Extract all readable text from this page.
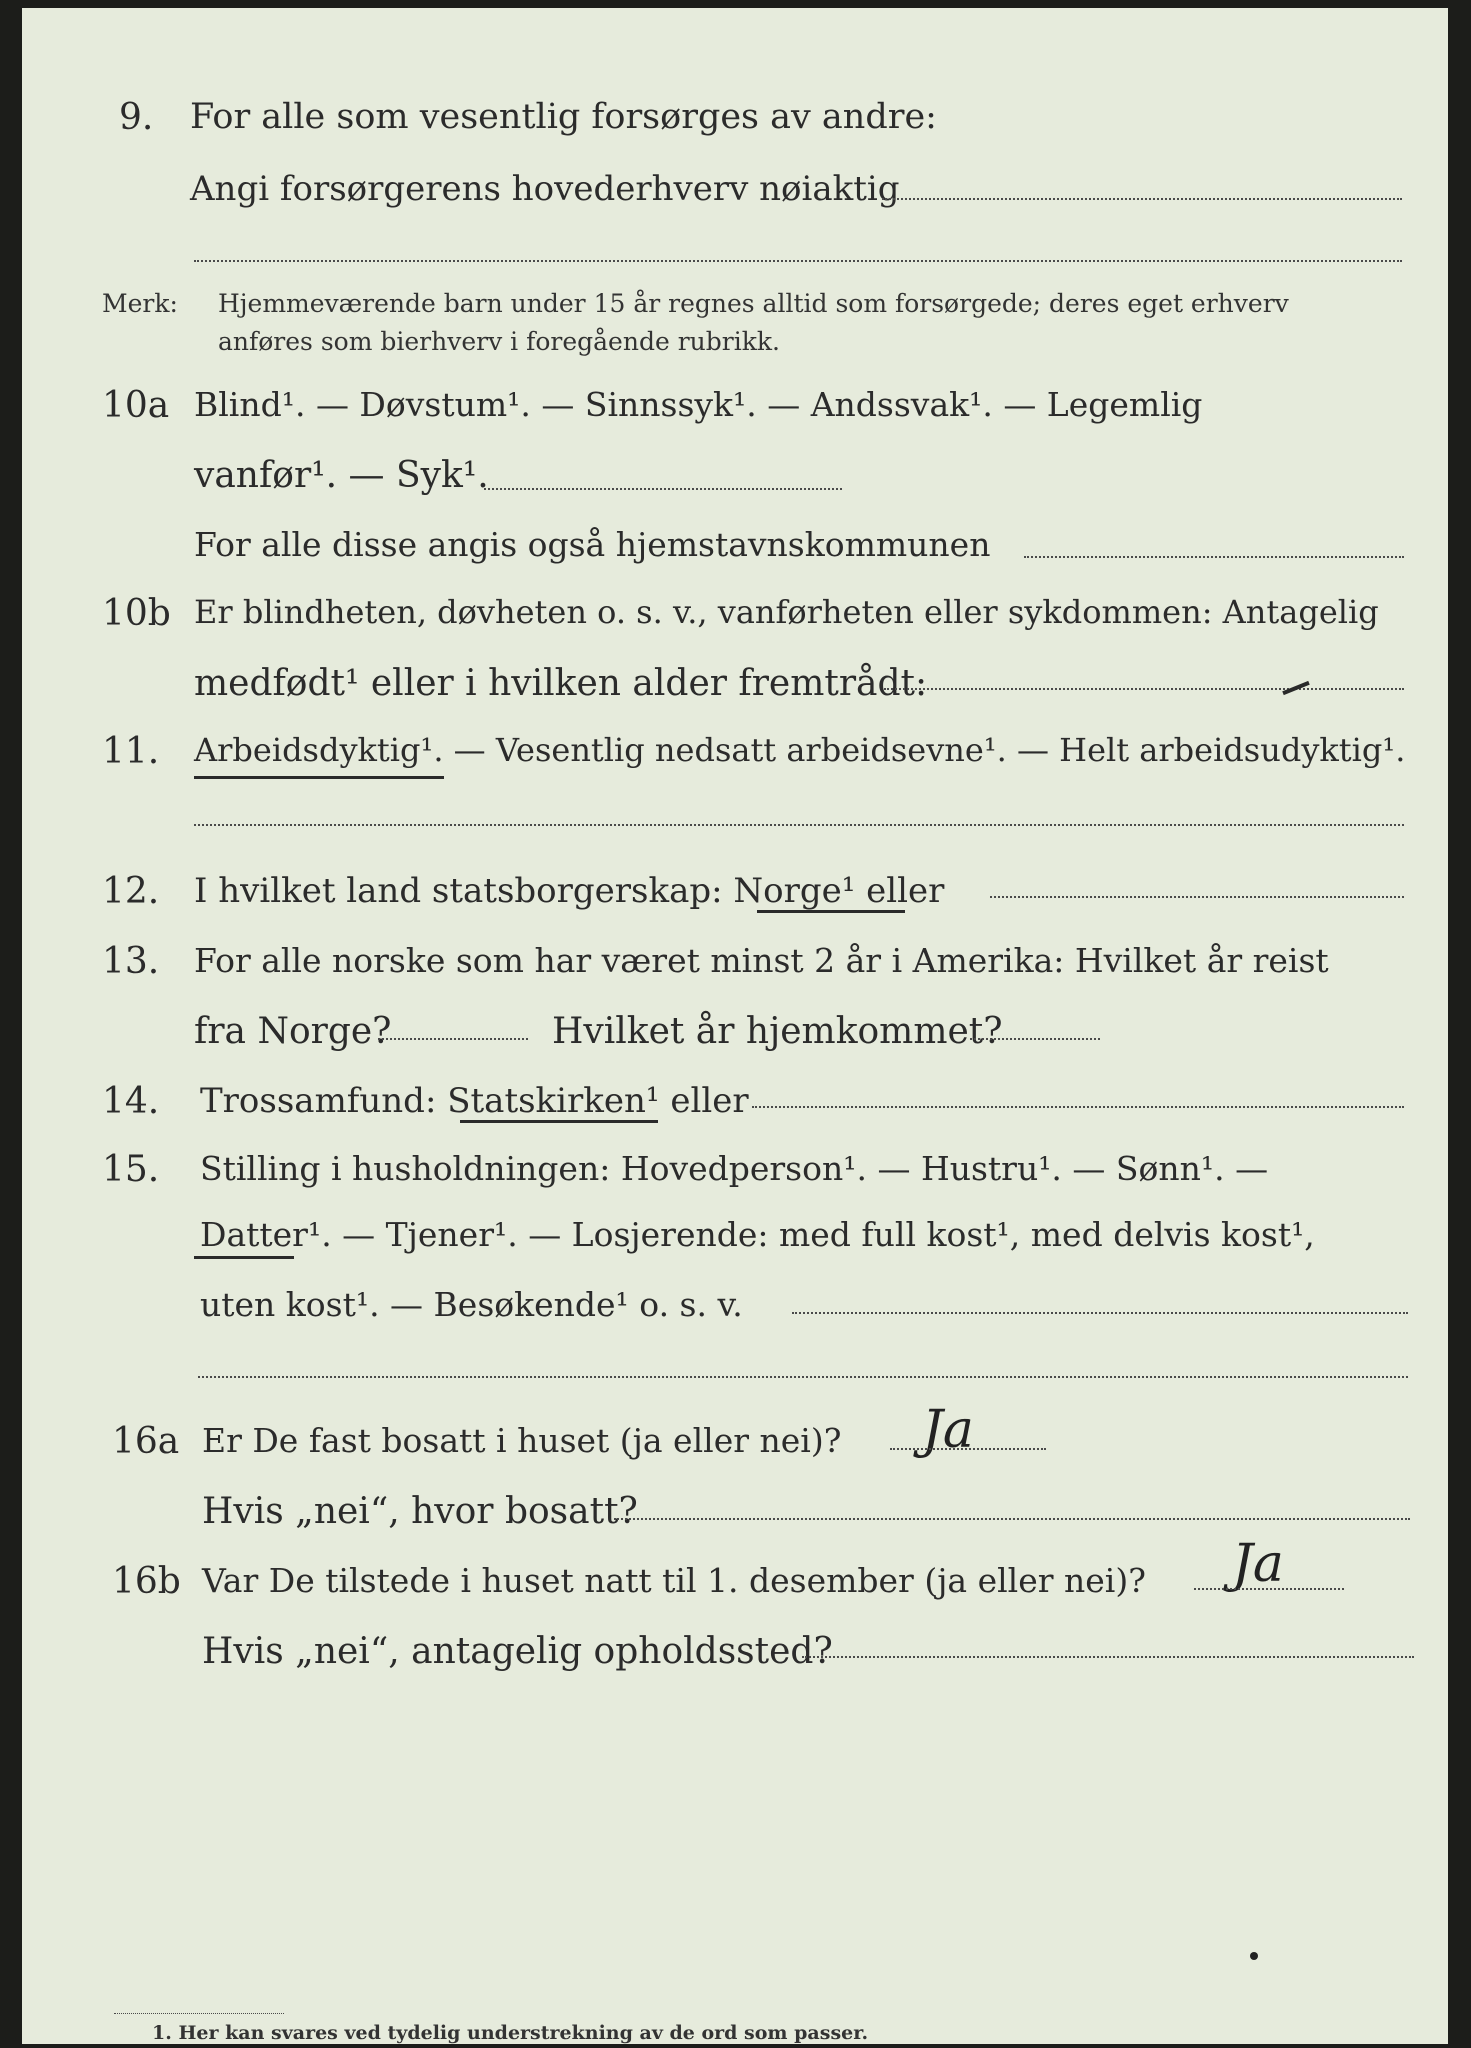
9. For alle som vesentlig forsørges av andre:
Angi forsørgerens hovederhverv nøiaktig
Merk: Hjemmeværende barn under 15 år regnes alltid som forsørgede; deres eget erhverv
anføres som bierhverv i foregående rubrikk.
10a Blind¹. — Døvstum¹. — Sinnssyk¹. — Andssvak¹. — Legemlig
vanfør¹. — Syk¹.
For alle disse angis også hjemstavnskommunen
10b Er blindheten, døvheten o. s. v., vanførheten eller sykdommen: Antagelig
medfødt¹ eller i hvilken alder fremtrådt:
11. Arbeidsdyktig¹. — Vesentlig nedsatt arbeidsevne¹. — Helt arbeidsudyktig¹.
12. I hvilket land statsborgerskap: Norge¹ eller
13. For alle norske som har været minst 2 år i Amerika: Hvilket år reist
fra Norge?	Hvilket år hjemkommet?
14. Trossamfund: Statskirken¹ eller
15. Stilling i husholdningen: Hovedperson¹. — Hustru¹. — Sønn¹. —
Datter¹. — Tjener¹. — Losjerende: med full kost¹, med delvis kost¹,
uten kost¹. — Besøkende¹ o. s. v.
16a Er De fast bosatt i huset (ja eller nei)? Ja
Hvis „nei“, hvor bosatt?
16b Var De tilstede i huset natt til 1. desember (ja eller nei)? Ja
Hvis „nei“, antagelig opholdssted?
1. Her kan svares ved tydelig understrekning av de ord som passer.
